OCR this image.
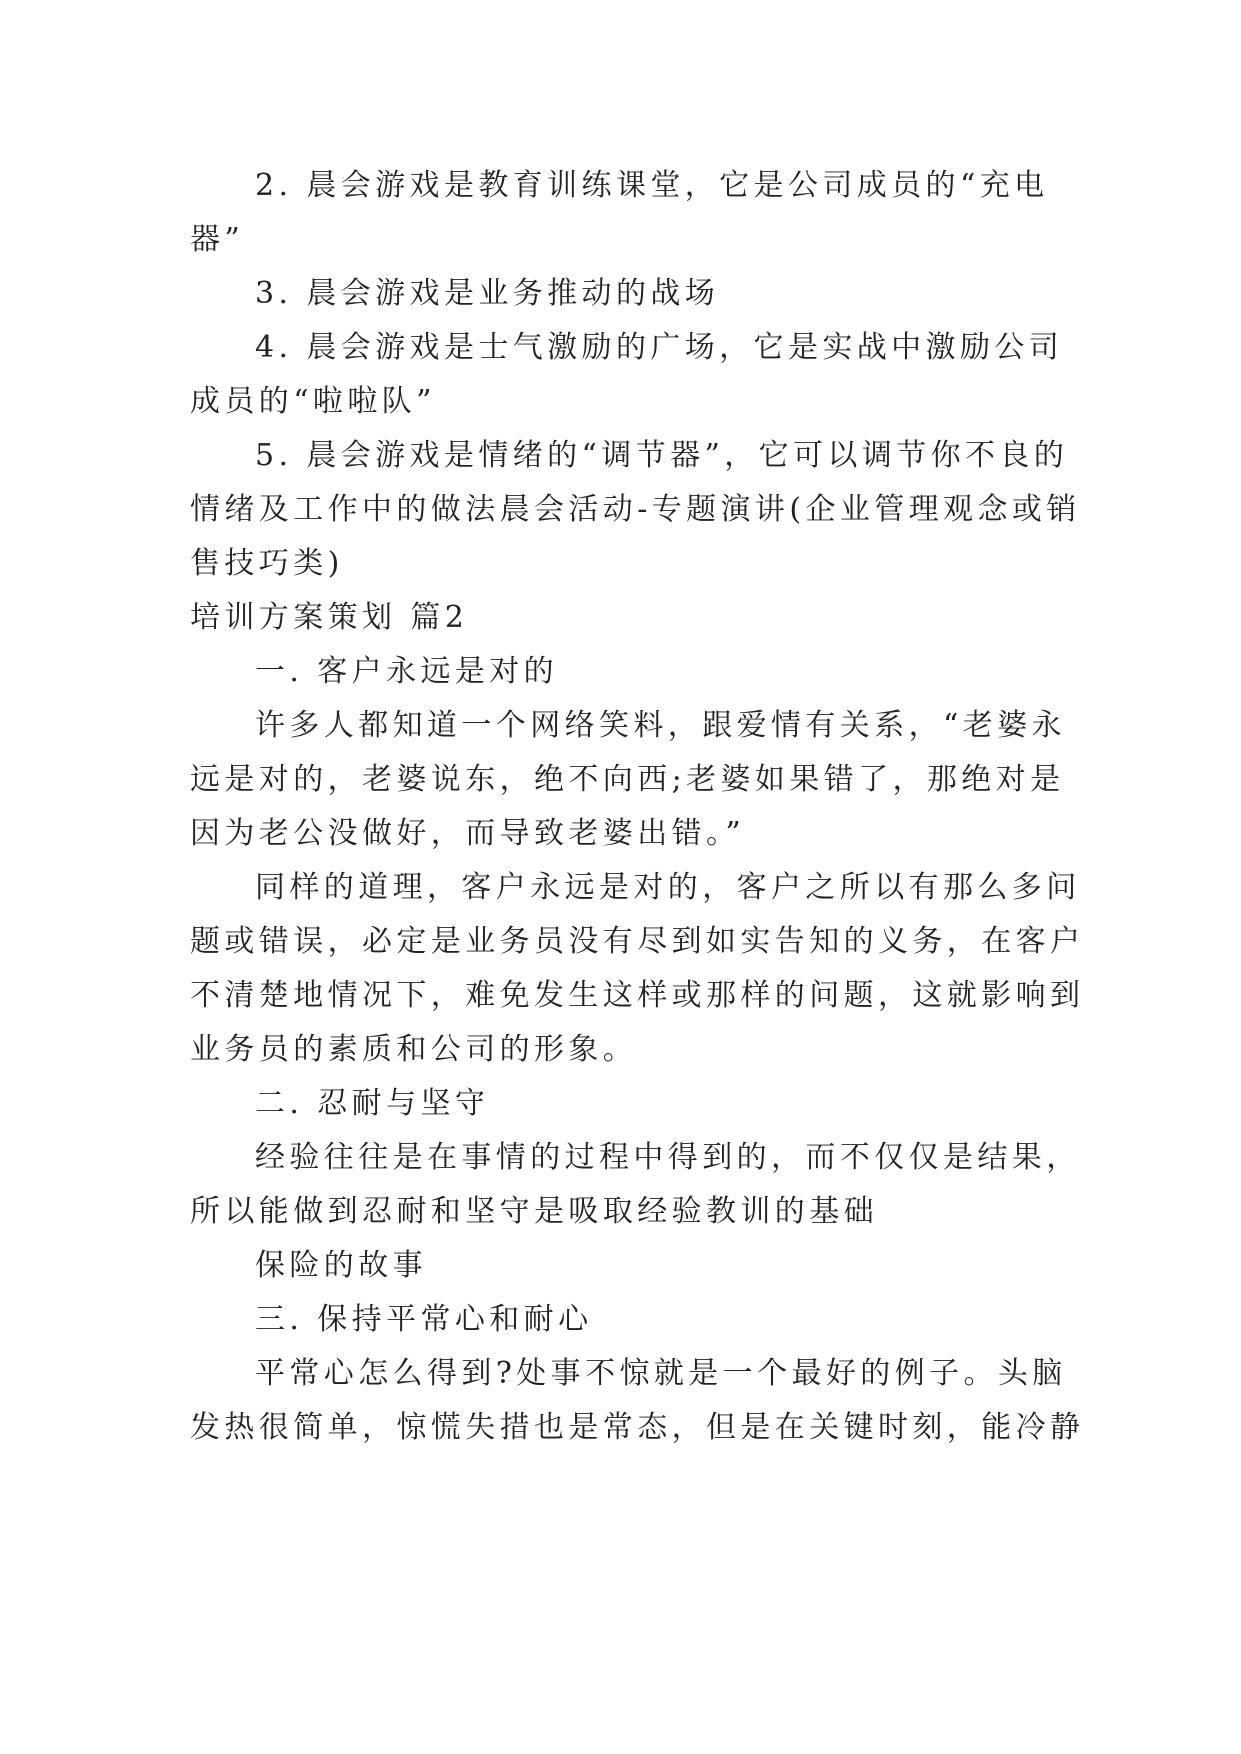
2. 晨会游戏是教育训练课堂，它是公司成员的“充电
器”
3. 晨会游戏是业务推动的战场
4. 晨会游戏是士气激励的广场，它是实战中激励公司
成员的“啦啦队”
5. 晨会游戏是情绪的“调节器”，它可以调节你不良的
情绪及工作中的做法晨会活动-专题演讲(企业管理观念或销
售技巧类)
培训方案策划 篇2
一. 客户永远是对的
许多人都知道一个网络笑料，跟爱情有关系，“老婆永
远是对的，老婆说东，绝不向西;老婆如果错了，那绝对是
因为老公没做好，而导致老婆出错。”
同样的道理，客户永远是对的，客户之所以有那么多问
题或错误，必定是业务员没有尽到如实告知的义务，在客户
不清楚地情况下，难免发生这样或那样的问题，这就影响到
业务员的素质和公司的形象。
二. 忍耐与坚守
经验往往是在事情的过程中得到的，而不仅仅是结果，
所以能做到忍耐和坚守是吸取经验教训的基础
保险的故事
三. 保持平常心和耐心
平常心怎么得到?处事不惊就是一个最好的例子。头脑
发热很简单，惊慌失措也是常态，但是在关键时刻，能冷静
